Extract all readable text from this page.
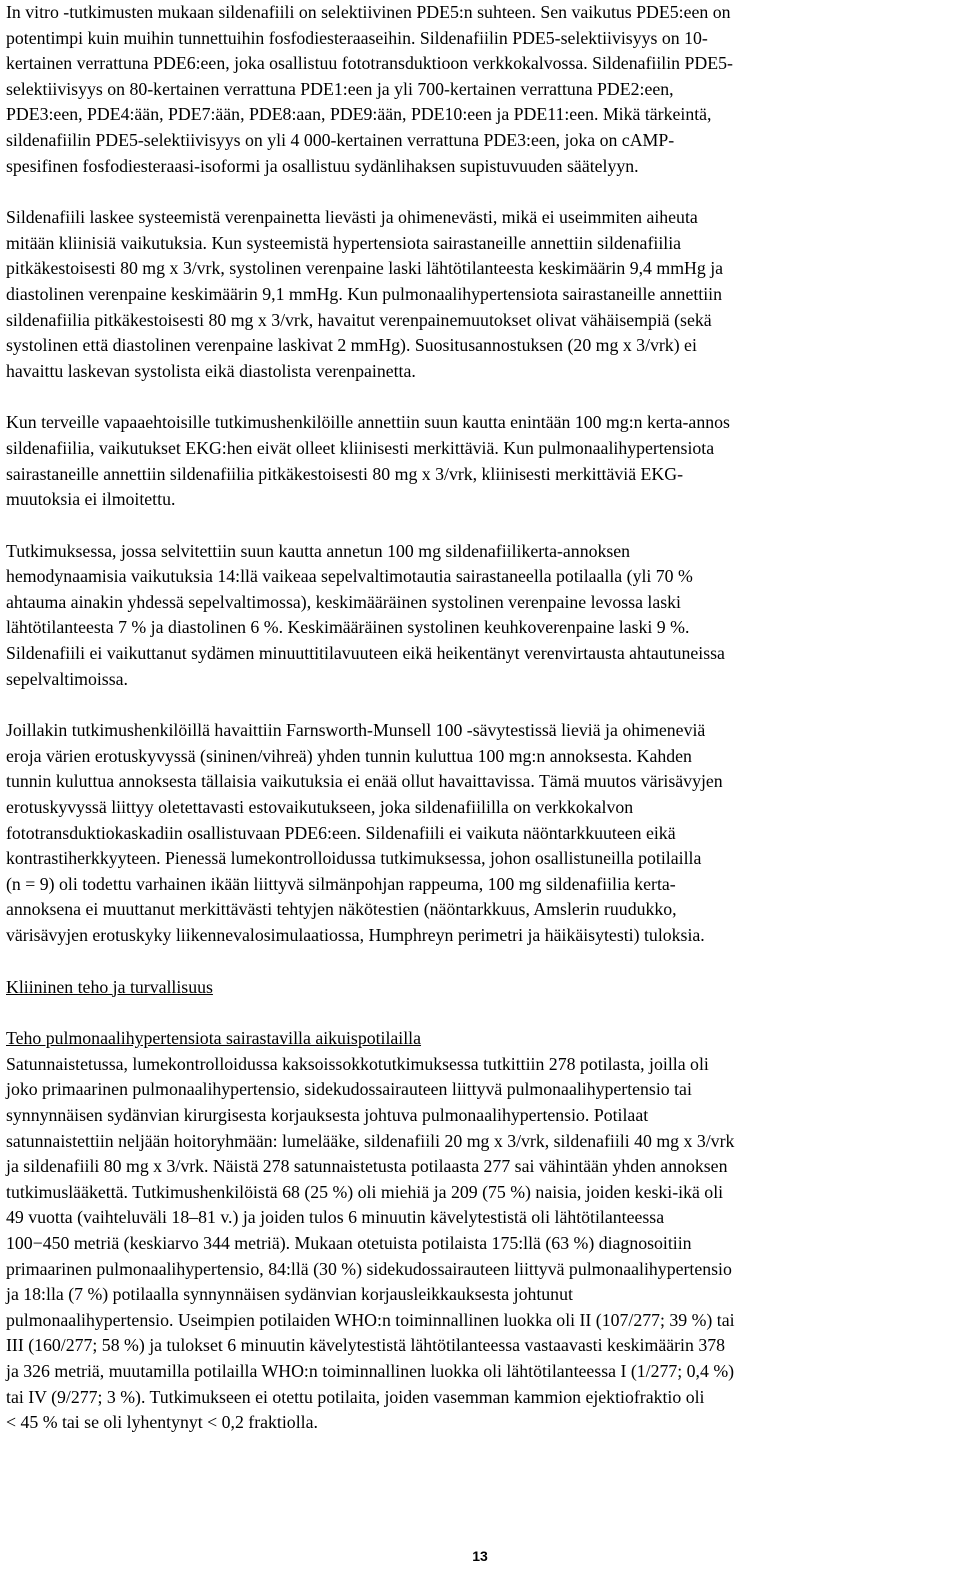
In vitro -tutkimusten mukaan sildenafiili on selektiivinen PDE5:n suhteen. Sen vaikutus PDE5:een on
potentimpi kuin muihin tunnettuihin fosfodiesteraaseihin. Sildenafiilin PDE5-selektiivisyys on 10-
kertainen verrattuna PDE6:een, joka osallistuu fototransduktioon verkkokalvossa. Sildenafiilin PDE5-
selektiivisyys on 80-kertainen verrattuna PDE1:een ja yli 700-kertainen verrattuna PDE2:een,
PDE3:een, PDE4:ään, PDE7:ään, PDE8:aan, PDE9:ään, PDE10:een ja PDE11:een. Mikä tärkeintä,
sildenafiilin PDE5-selektiivisyys on yli 4 000-kertainen verrattuna PDE3:een, joka on cAMP-
spesifinen fosfodiesteraasi-isoformi ja osallistuu sydänlihaksen supistuvuuden säätelyyn.

Sildenafiili laskee systeemistä verenpainetta lievästi ja ohimenevästi, mikä ei useimmiten aiheuta
mitään kliinisiä vaikutuksia. Kun systeemistä hypertensiota sairastaneille annettiin sildenafiilia
pitkäkestoisesti 80 mg x 3/vrk, systolinen verenpaine laski lähtötilanteesta keskimäärin 9,4 mmHg ja
diastolinen verenpaine keskimäärin 9,1 mmHg. Kun pulmonaalihypertensiota sairastaneille annettiin
sildenafiilia pitkäkestoisesti 80 mg x 3/vrk, havaitut verenpainemuutokset olivat vähäisempiä (sekä
systolinen että diastolinen verenpaine laskivat 2 mmHg). Suositusannostuksen (20 mg x 3/vrk) ei
havaittu laskevan systolista eikä diastolista verenpainetta.

Kun terveille vapaaehtoisille tutkimushenkilöille annettiin suun kautta enintään 100 mg:n kerta-annos
sildenafiilia, vaikutukset EKG:hen eivät olleet kliinisesti merkittäviä. Kun pulmonaalihypertensiota
sairastaneille annettiin sildenafiilia pitkäkestoisesti 80 mg x 3/vrk, kliinisesti merkittäviä EKG-
muutoksia ei ilmoitettu.

Tutkimuksessa, jossa selvitettiin suun kautta annetun 100 mg sildenafiilikerta-annoksen
hemodynaamisia vaikutuksia 14:llä vaikeaa sepelvaltimotautia sairastaneella potilaalla (yli 70 %
ahtauma ainakin yhdessä sepelvaltimossa), keskimääräinen systolinen verenpaine levossa laski
lähtötilanteesta 7 % ja diastolinen 6 %. Keskimääräinen systolinen keuhkoverenpaine laski 9 %.
Sildenafiili ei vaikuttanut sydämen minuuttitilavuuteen eikä heikentänyt verenvirtausta ahtautuneissa
sepelvaltimoissa.

Joillakin tutkimushenkilöillä havaittiin Farnsworth-Munsell 100 -sävytestissä lieviä ja ohimeneviä
eroja värien erotuskyvyssä (sininen/vihreä) yhden tunnin kuluttua 100 mg:n annoksesta. Kahden
tunnin kuluttua annoksesta tällaisia vaikutuksia ei enää ollut havaittavissa. Tämä muutos värisävyjen
erotuskyvyssä liittyy oletettavasti estovaikutukseen, joka sildenafiililla on verkkokalvon
fototransduktiokaskadiin osallistuvaan PDE6:een. Sildenafiili ei vaikuta näöntarkkuuteen eikä
kontrastiherkkyyteen. Pienessä lumekontrolloidussa tutkimuksessa, johon osallistuneilla potilailla
(n = 9) oli todettu varhainen ikään liittyvä silmänpohjan rappeuma, 100 mg sildenafiilia kerta-
annoksena ei muuttanut merkittävästi tehtyjen näkötestien (näöntarkkuus, Amslerin ruudukko,
värisävyjen erotuskyky liikennevalosimulaatiossa, Humphreyn perimetri ja häikäisytesti) tuloksia.

Kliininen teho ja turvallisuus

Teho pulmonaalihypertensiota sairastavilla aikuispotilailla

Satunnaistetussa, lumekontrolloidussa kaksoissokkotutkimuksessa tutkittiin 278 potilasta, joilla oli
joko primaarinen pulmonaalihypertensio, sidekudossairauteen liittyvä pulmonaalihypertensio tai
synnynnäisen sydänvian kirurgisesta korjauksesta johtuva pulmonaalihypertensio. Potilaat
satunnaistettiin neljään hoitoryhmään: lumelääke, sildenafiili 20 mg x 3/vrk, sildenafiili 40 mg x 3/vrk
ja sildenafiili 80 mg x 3/vrk. Näistä 278 satunnaistetusta potilaasta 277 sai vähintään yhden annoksen
tutkimuslääkettä. Tutkimushenkilöistä 68 (25 %) oli miehiä ja 209 (75 %) naisia, joiden keski-ikä oli
49 vuotta (vaihteluväli 18–81 v.) ja joiden tulos 6 minuutin kävelytestistä oli lähtötilanteessa
100−450 metriä (keskiarvo 344 metriä). Mukaan otetuista potilaista 175:llä (63 %) diagnosoitiin
primaarinen pulmonaalihypertensio, 84:llä (30 %) sidekudossairauteen liittyvä pulmonaalihypertensio
ja 18:lla (7 %) potilaalla synnynnäisen sydänvian korjausleikkauksesta johtunut
pulmonaalihypertensio. Useimpien potilaiden WHO:n toiminnallinen luokka oli II (107/277; 39 %) tai
III (160/277; 58 %) ja tulokset 6 minuutin kävelytestistä lähtötilanteessa vastaavasti keskimäärin 378
ja 326 metriä, muutamilla potilailla WHO:n toiminnallinen luokka oli lähtötilanteessa I (1/277; 0,4 %)
tai IV (9/277; 3 %). Tutkimukseen ei otettu potilaita, joiden vasemman kammion ejektiofraktio oli
< 45 % tai se oli lyhentynyt < 0,2 fraktiolla.

13
